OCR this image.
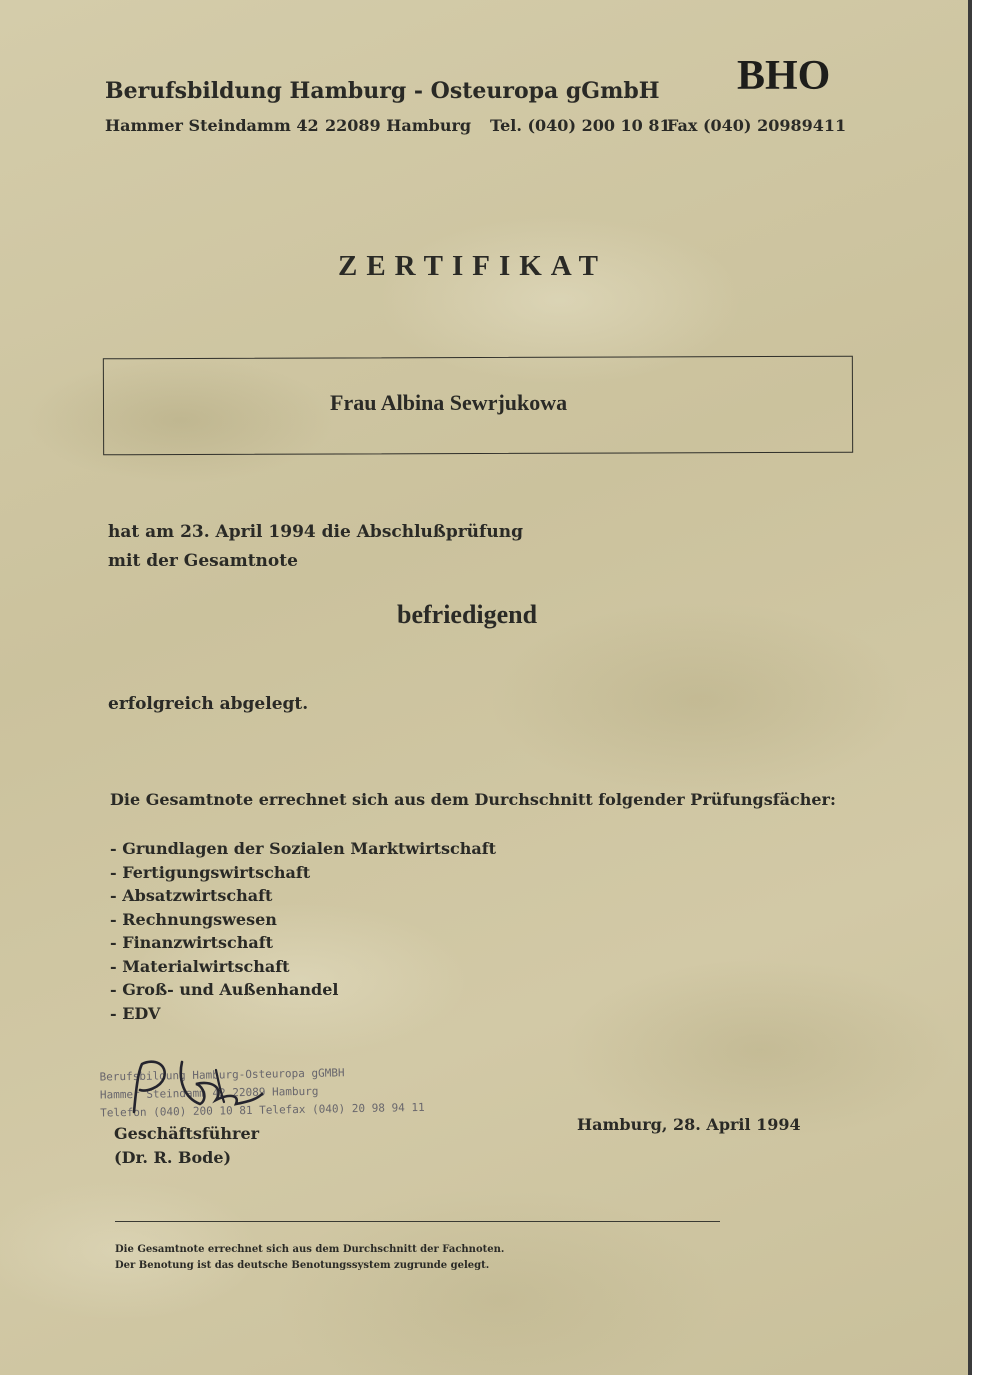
Berufsbildung Hamburg - Osteuropa gGmbH BHO
Hammer Steindamm 42 22089 Hamburg Tel. (040) 200 10 81
Fax (040) 20989411
ZERTIFIKAT
Frau Albina Sewrjukowa
hat am 23. April 1994 die Abschlußprüfung
mit der Gesamtnote
befriedigend
erfolgreich abgelegt.
Die Gesamtnote errechnet sich aus dem Durchschnitt folgender Prüfungsfächer:
- Grundlagen der Sozialen Marktwirtschaft
- Fertigungswirtschaft
- Absatzwirtschaft
- Rechnungswesen
- Finanzwirtschaft
- Materialwirtschaft
- Groß- und Außenhandel
- EDV
Berufsbildung Hamburg-Osteuropa gGMBH
Hammer Steindamm 42 22089 Hamburg
Telefon (040) 200 10 81 Telefax (040) 20 98 94 11
Geschäftsführer
(Dr. R. Bode)
Hamburg, 28. April 1994
Die Gesamtnote errechnet sich aus dem Durchschnitt der Fachnoten.
Der Benotung ist das deutsche Benotungssystem zugrunde gelegt.
